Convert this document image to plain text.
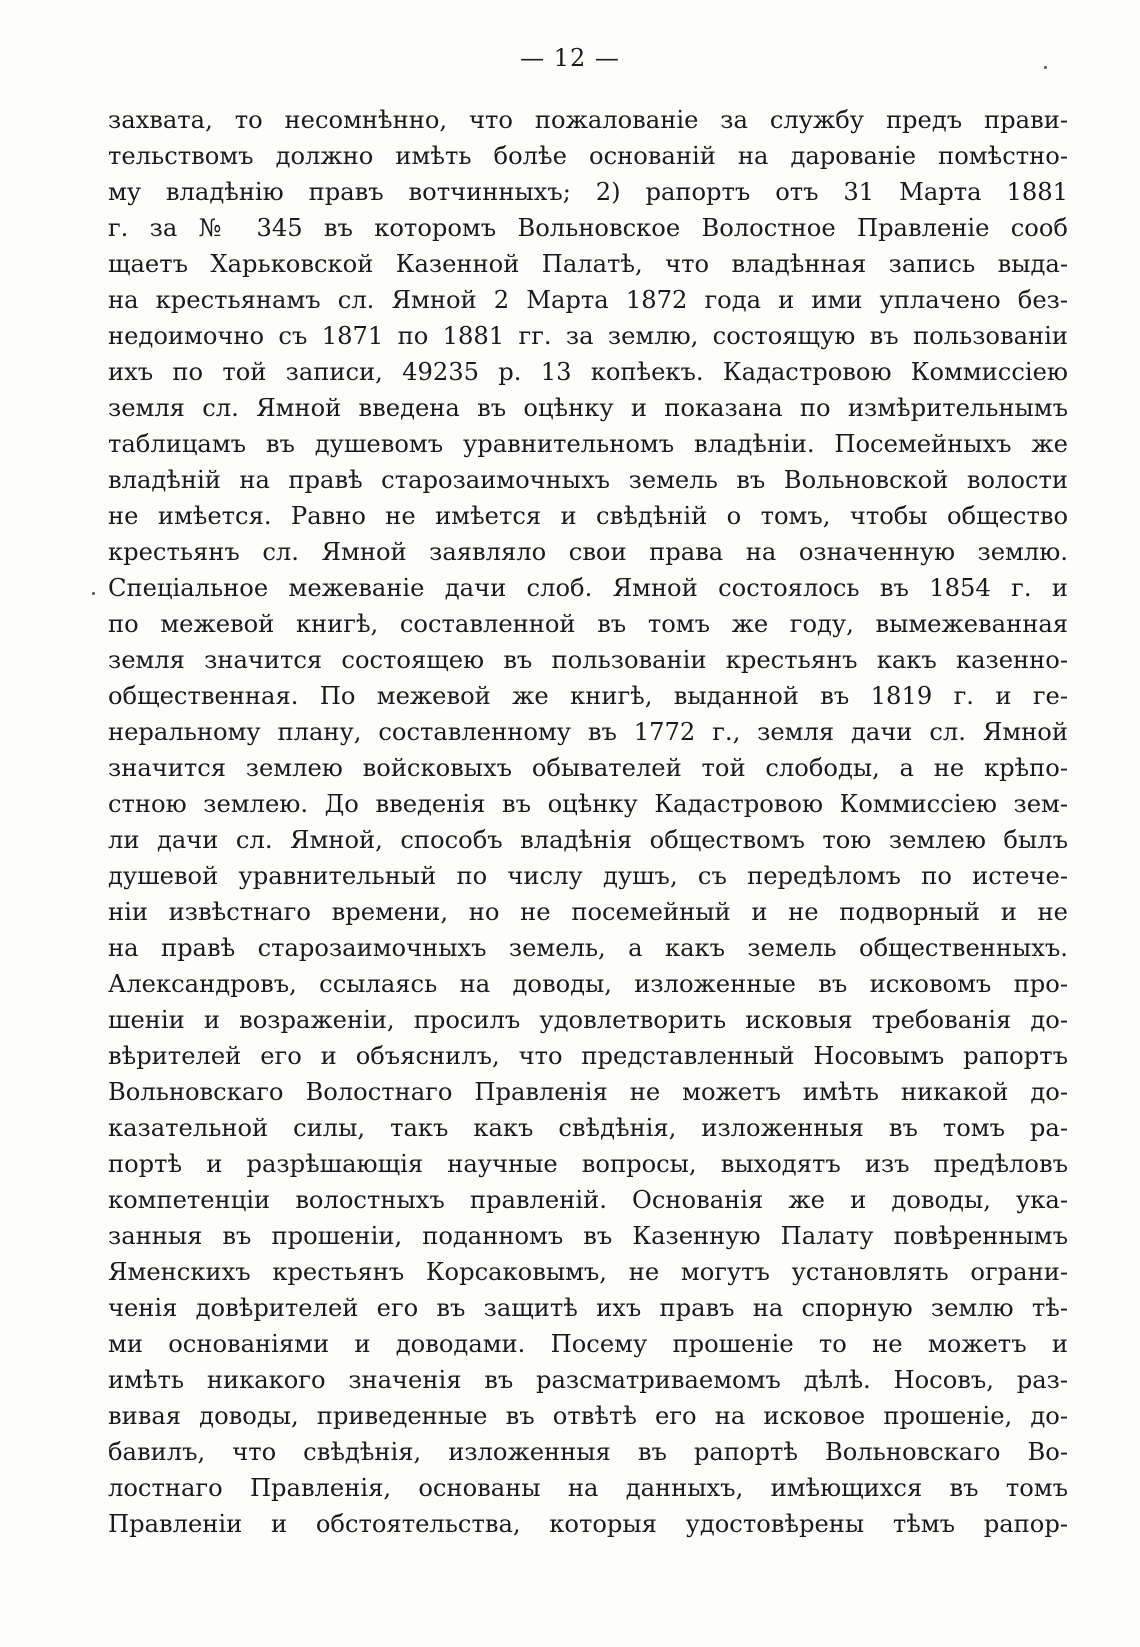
— 12 —
захвата, то несомнѣнно, что пожалованіе за службу предъ прави-
тельствомъ должно имѣть болѣе основаній на дарованіе помѣстно-
му владѣнію правъ вотчинныхъ; 2) рапортъ отъ 31 Марта 1881
г. за № 345 въ которомъ Вольновское Волостное Правленіе сооб
щаетъ Харьковской Казенной Палатѣ, что владѣнная запись выда-
на крестьянамъ сл. Ямной 2 Марта 1872 года и ими уплачено без-
недоимочно съ 1871 по 1881 гг. за землю, состоящую въ пользованіи
ихъ по той записи, 49235 р. 13 копѣекъ. Кадастровою Коммиссіею
земля сл. Ямной введена въ оцѣнку и показана по измѣрительнымъ
таблицамъ въ душевомъ уравнительномъ владѣніи. Посемейныхъ же
владѣній на правѣ старозаимочныхъ земель въ Вольновской волости
не имѣется. Равно не имѣется и свѣдѣній о томъ, чтобы общество
крестьянъ сл. Ямной заявляло свои права на означенную землю.
Спеціальное межеваніе дачи слоб. Ямной состоялось въ 1854 г. и
по межевой книгѣ, составленной въ томъ же году, вымежеванная
земля значится состоящею въ пользованіи крестьянъ какъ казенно-
общественная. По межевой же книгѣ, выданной въ 1819 г. и ге-
неральному плану, составленному въ 1772 г., земля дачи сл. Ямной
значится землею войсковыхъ обывателей той слободы, а не крѣпо-
стною землею. До введенія въ оцѣнку Кадастровою Коммиссіею зем-
ли дачи сл. Ямной, способъ владѣнія обществомъ тою землею былъ
душевой уравнительный по числу душъ, съ передѣломъ по истече-
ніи извѣстнаго времени, но не посемейный и не подворный и не
на правѣ старозаимочныхъ земель, а какъ земель общественныхъ.
Александровъ, ссылаясь на доводы, изложенные въ исковомъ про-
шеніи и возраженіи, просилъ удовлетворить исковыя требованія до-
вѣрителей его и объяснилъ, что представленный Носовымъ рапортъ
Вольновскаго Волостнаго Правленія не можетъ имѣть никакой до-
казательной силы, такъ какъ свѣдѣнія, изложенныя въ томъ ра-
портѣ и разрѣшающія научные вопросы, выходятъ изъ предѣловъ
компетенціи волостныхъ правленій. Основанія же и доводы, ука-
занныя въ прошеніи, поданномъ въ Казенную Палату повѣреннымъ
Яменскихъ крестьянъ Корсаковымъ, не могутъ установлять ограни-
ченія довѣрителей его въ защитѣ ихъ правъ на спорную землю тѣ-
ми основаніями и доводами. Посему прошеніе то не можетъ и
имѣть никакого значенія въ разсматриваемомъ дѣлѣ. Носовъ, раз-
вивая доводы, приведенные въ отвѣтѣ его на исковое прошеніе, до-
бавилъ, что свѣдѣнія, изложенныя въ рапортѣ Вольновскаго Во-
лостнаго Правленія, основаны на данныхъ, имѣющихся въ томъ
Правленіи и обстоятельства, которыя удостовѣрены тѣмъ рапор-
